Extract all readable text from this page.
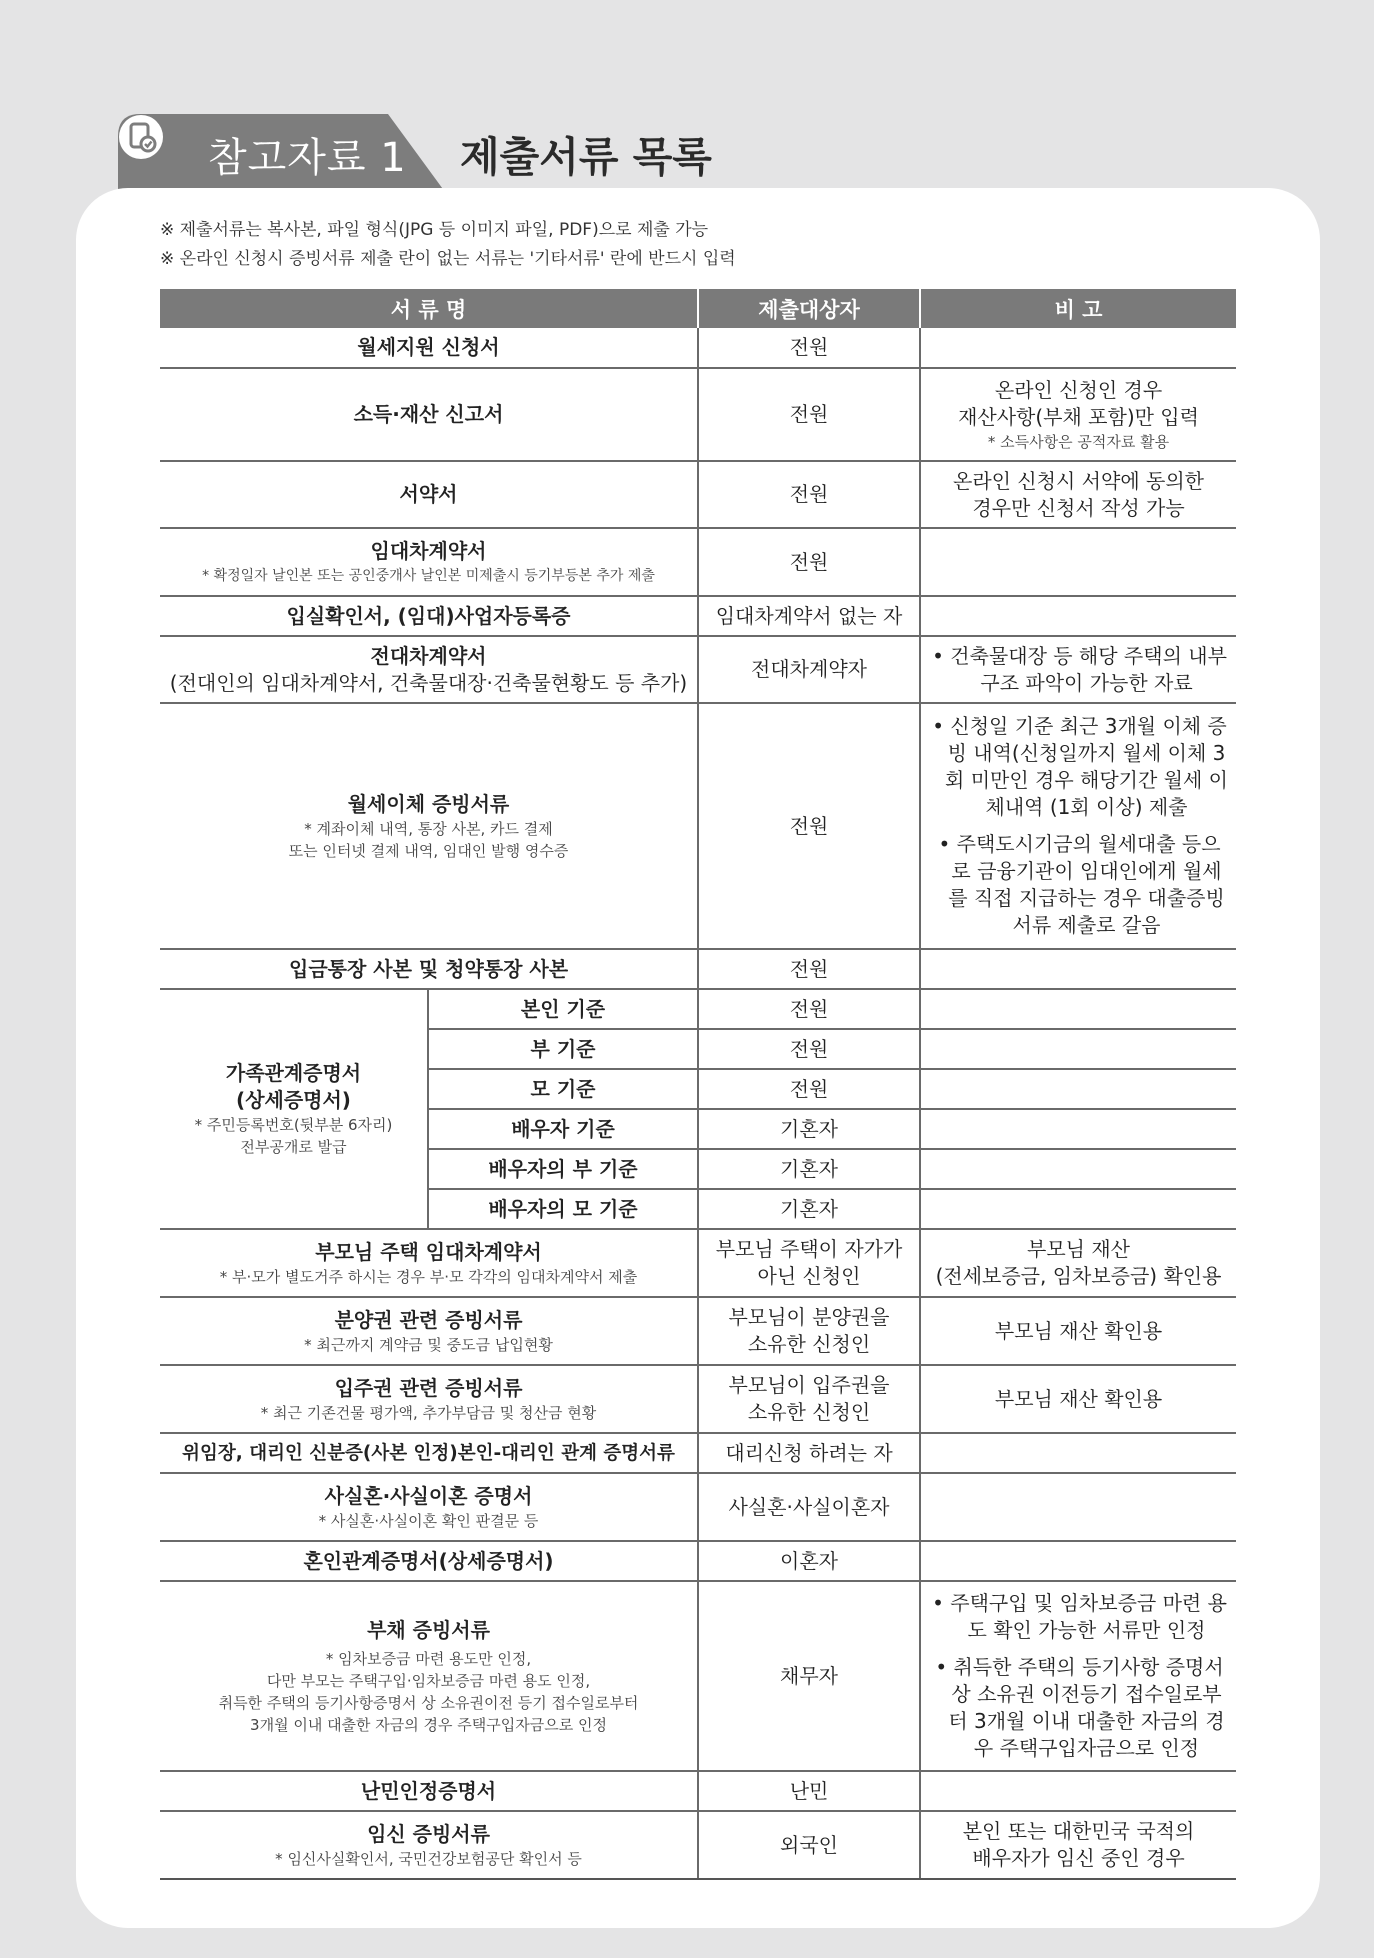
참고자료 1 제출서류 목록
※ 제출서류는 복사본, 파일 형식(JPG 등 이미지 파일, PDF)으로 제출 가능
※ 온라인 신청시 증빙서류 제출 란이 없는 서류는 '기타서류' 란에 반드시 입력
서 류 명		제출대상자	비 고
월세지원 신청서		전원	
소득·재산 신고서		전원	온라인 신청인 경우
재산사항(부채 포함)만 입력
* 소득사항은 공적자료 활용

서약서		전원	온라인 신청시 서약에 동의한
경우만 신청서 작성 가능

임대차계약서
* 확정일자 날인본 또는 공인중개사 날인본 미제출시 등기부등본 추가 제출		전원	
입실확인서, (임대)사업자등록증		임대차계약서 없는 자	

전대차계약서
(전대인의 임대차계약서, 건축물대장·건축물현황도 등 추가)		전대차계약자	• 건축물대장 등 해당 주택의 내부 구조 파악이 가능한 자료

월세이체 증빙서류
* 계좌이체 내역, 통장 사본, 카드 결제
또는 인터넷 결제 내역, 임대인 발행 영수증		전원	• 신청일 기준 최근 3개월 이체 증빙 내역(신청일까지 월세 이체 3회 미만인 경우 해당기간 월세 이체내역 (1회 이상) 제출
• 주택도시기금의 월세대출 등으로 금융기관이 임대인에게 월세를 직접 지급하는 경우 대출증빙서류 제출로 갈음

입금통장 사본 및 청약통장 사본		전원	

가족관계증명서
(상세증명서)
* 주민등록번호(뒷부분 6자리)
전부공개로 발급	본인 기준	전원	
	부 기준	전원	
	모 기준	전원	
	배우자 기준	기혼자	
	배우자의 부 기준	기혼자	
	배우자의 모 기준	기혼자	

부모님 주택 임대차계약서
* 부·모가 별도거주 하시는 경우 부·모 각각의 임대차계약서 제출		부모님 주택이 자가가
아닌 신청인	부모님 재산
(전세보증금, 임차보증금) 확인용

분양권 관련 증빙서류
* 최근까지 계약금 및 중도금 납입현황		부모님이 분양권을
소유한 신청인	부모님 재산 확인용

입주권 관련 증빙서류
* 최근 기존건물 평가액, 추가부담금 및 청산금 현황		부모님이 입주권을
소유한 신청인	부모님 재산 확인용
위임장, 대리인 신분증(사본 인정)본인-대리인 관계 증명서류		대리신청 하려는 자	

사실혼·사실이혼 증명서
* 사실혼·사실이혼 확인 판결문 등		사실혼·사실이혼자	
혼인관계증명서(상세증명서)		이혼자	

부채 증빙서류
* 임차보증금 마련 용도만 인정,
다만 부모는 주택구입·임차보증금 마련 용도 인정,
취득한 주택의 등기사항증명서 상 소유권이전 등기 접수일로부터
3개월 이내 대출한 자금의 경우 주택구입자금으로 인정		채무자	• 주택구입 및 임차보증금 마련 용도 확인 가능한 서류만 인정
• 취득한 주택의 등기사항 증명서 상 소유권 이전등기 접수일로부터 3개월 이내 대출한 자금의 경우 주택구입자금으로 인정

난민인정증명서		난민	

임신 증빙서류
* 임신사실확인서, 국민건강보험공단 확인서 등		외국인	본인 또는 대한민국 국적의
배우자가 임신 중인 경우
